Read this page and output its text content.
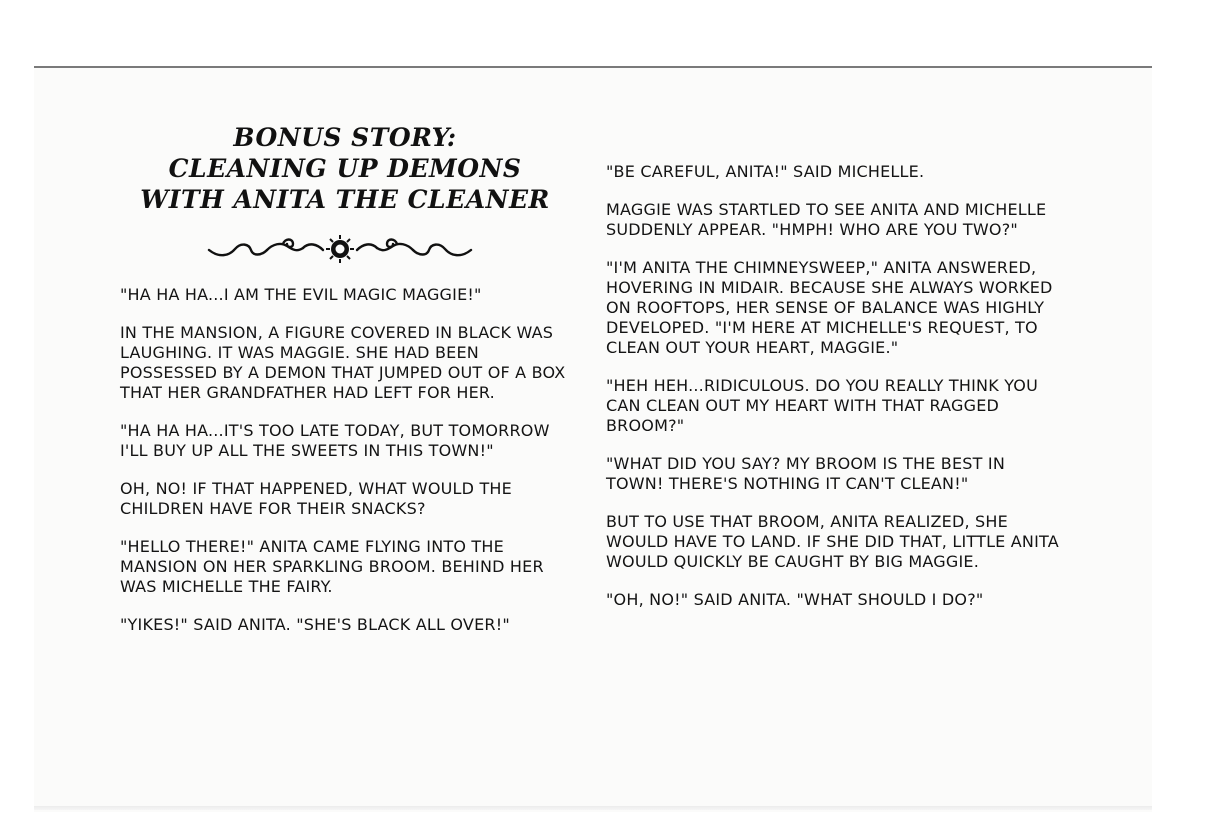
BONUS STORY:
CLEANING UP DEMONS
WITH ANITA THE CLEANER

"HA HA HA...I AM THE EVIL MAGIC MAGGIE!"

IN THE MANSION, A FIGURE COVERED IN BLACK WAS LAUGHING. IT WAS MAGGIE. SHE HAD BEEN POSSESSED BY A DEMON THAT JUMPED OUT OF A BOX THAT HER GRANDFATHER HAD LEFT FOR HER.

"HA HA HA...IT'S TOO LATE TODAY, BUT TOMORROW I'LL BUY UP ALL THE SWEETS IN THIS TOWN!"

OH, NO! IF THAT HAPPENED, WHAT WOULD THE CHILDREN HAVE FOR THEIR SNACKS?

"HELLO THERE!" ANITA CAME FLYING INTO THE MANSION ON HER SPARKLING BROOM. BEHIND HER WAS MICHELLE THE FAIRY.

"YIKES!" SAID ANITA. "SHE'S BLACK ALL OVER!"

"BE CAREFUL, ANITA!" SAID MICHELLE.

MAGGIE WAS STARTLED TO SEE ANITA AND MICHELLE SUDDENLY APPEAR. "HMPH! WHO ARE YOU TWO?"

"I'M ANITA THE CHIMNEYSWEEP," ANITA ANSWERED, HOVERING IN MIDAIR. BECAUSE SHE ALWAYS WORKED ON ROOFTOPS, HER SENSE OF BALANCE WAS HIGHLY DEVELOPED. "I'M HERE AT MICHELLE'S REQUEST, TO CLEAN OUT YOUR HEART, MAGGIE."

"HEH HEH...RIDICULOUS. DO YOU REALLY THINK YOU CAN CLEAN OUT MY HEART WITH THAT RAGGED BROOM?"

"WHAT DID YOU SAY? MY BROOM IS THE BEST IN TOWN! THERE'S NOTHING IT CAN'T CLEAN!"

BUT TO USE THAT BROOM, ANITA REALIZED, SHE WOULD HAVE TO LAND. IF SHE DID THAT, LITTLE ANITA WOULD QUICKLY BE CAUGHT BY BIG MAGGIE.

"OH, NO!" SAID ANITA. "WHAT SHOULD I DO?"
